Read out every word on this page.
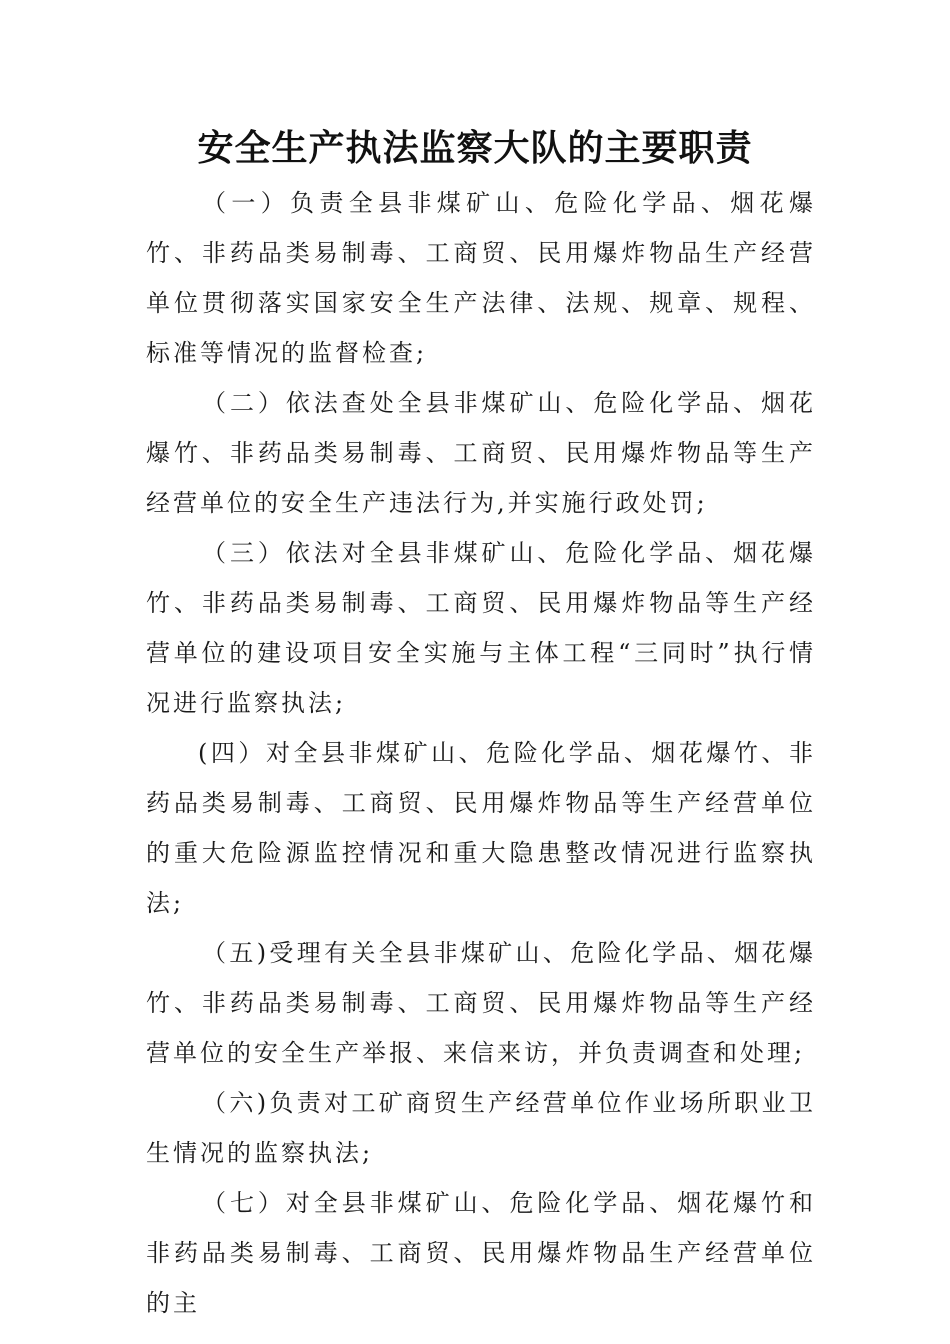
安全生产执法监察大队的主要职责

（一）负责全县非煤矿山、危险化学品、烟花爆竹、非药品类易制毒、工商贸、民用爆炸物品生产经营单位贯彻落实国家安全生产法律、法规、规章、规程、标准等情况的监督检查;

（二）依法查处全县非煤矿山、危险化学品、烟花爆竹、非药品类易制毒、工商贸、民用爆炸物品等生产经营单位的安全生产违法行为,并实施行政处罚;

（三）依法对全县非煤矿山、危险化学品、烟花爆竹、非药品类易制毒、工商贸、民用爆炸物品等生产经营单位的建设项目安全实施与主体工程“三同时”执行情况进行监察执法;

(四）对全县非煤矿山、危险化学品、烟花爆竹、非药品类易制毒、工商贸、民用爆炸物品等生产经营单位的重大危险源监控情况和重大隐患整改情况进行监察执法;

（五)受理有关全县非煤矿山、危险化学品、烟花爆竹、非药品类易制毒、工商贸、民用爆炸物品等生产经营单位的安全生产举报、来信来访，并负责调查和处理;

（六)负责对工矿商贸生产经营单位作业场所职业卫生情况的监察执法;

（七）对全县非煤矿山、危险化学品、烟花爆竹和非药品类易制毒、工商贸、民用爆炸物品生产经营单位的主
